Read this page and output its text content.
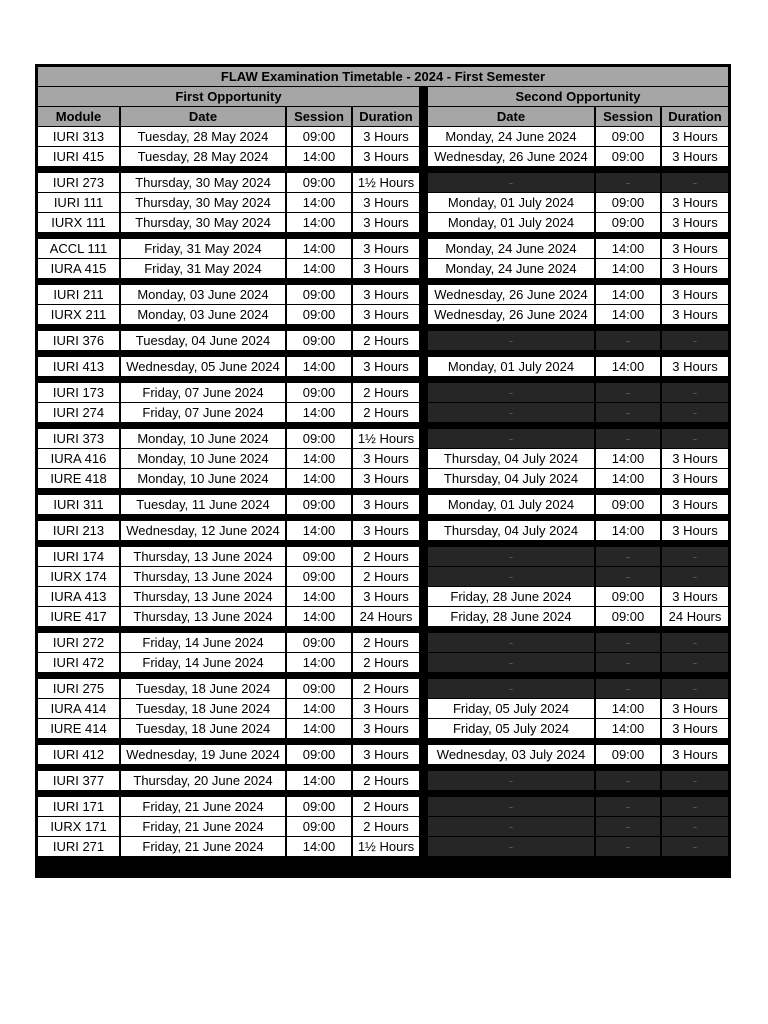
FLAW Examination Timetable - 2024 - First Semester
First Opportunity	Second Opportunity
Module	Date	Session	Duration	Date	Session	Duration
IURI 313	Tuesday, 28 May 2024	09:00	3 Hours	Monday, 24 June 2024	09:00	3 Hours
IURI 415	Tuesday, 28 May 2024	14:00	3 Hours	Wednesday, 26 June 2024	09:00	3 Hours
IURI 273	Thursday, 30 May 2024	09:00	1½ Hours	-	-	-
IURI 111	Thursday, 30 May 2024	14:00	3 Hours	Monday, 01 July 2024	09:00	3 Hours
IURX 111	Thursday, 30 May 2024	14:00	3 Hours	Monday, 01 July 2024	09:00	3 Hours
ACCL 111	Friday, 31 May 2024	14:00	3 Hours	Monday, 24 June 2024	14:00	3 Hours
IURA 415	Friday, 31 May 2024	14:00	3 Hours	Monday, 24 June 2024	14:00	3 Hours
IURI 211	Monday, 03 June 2024	09:00	3 Hours	Wednesday, 26 June 2024	14:00	3 Hours
IURX 211	Monday, 03 June 2024	09:00	3 Hours	Wednesday, 26 June 2024	14:00	3 Hours
IURI 376	Tuesday, 04 June 2024	09:00	2 Hours	-	-	-
IURI 413	Wednesday, 05 June 2024	14:00	3 Hours	Monday, 01 July 2024	14:00	3 Hours
IURI 173	Friday, 07 June 2024	09:00	2 Hours	-	-	-
IURI 274	Friday, 07 June 2024	14:00	2 Hours	-	-	-
IURI 373	Monday, 10 June 2024	09:00	1½ Hours	-	-	-
IURA 416	Monday, 10 June 2024	14:00	3 Hours	Thursday, 04 July 2024	14:00	3 Hours
IURE 418	Monday, 10 June 2024	14:00	3 Hours	Thursday, 04 July 2024	14:00	3 Hours
IURI 311	Tuesday, 11 June 2024	09:00	3 Hours	Monday, 01 July 2024	09:00	3 Hours
IURI 213	Wednesday, 12 June 2024	14:00	3 Hours	Thursday, 04 July 2024	14:00	3 Hours
IURI 174	Thursday, 13 June 2024	09:00	2 Hours	-	-	-
IURX 174	Thursday, 13 June 2024	09:00	2 Hours	-	-	-
IURA 413	Thursday, 13 June 2024	14:00	3 Hours	Friday, 28 June 2024	09:00	3 Hours
IURE 417	Thursday, 13 June 2024	14:00	24 Hours	Friday, 28 June 2024	09:00	24 Hours
IURI 272	Friday, 14 June 2024	09:00	2 Hours	-	-	-
IURI 472	Friday, 14 June 2024	14:00	2 Hours	-	-	-
IURI 275	Tuesday, 18 June 2024	09:00	2 Hours	-	-	-
IURA 414	Tuesday, 18 June 2024	14:00	3 Hours	Friday, 05 July 2024	14:00	3 Hours
IURE 414	Tuesday, 18 June 2024	14:00	3 Hours	Friday, 05 July 2024	14:00	3 Hours
IURI 412	Wednesday, 19 June 2024	09:00	3 Hours	Wednesday, 03 July 2024	09:00	3 Hours
IURI 377	Thursday, 20 June 2024	14:00	2 Hours	-	-	-
IURI 171	Friday, 21 June 2024	09:00	2 Hours	-	-	-
IURX 171	Friday, 21 June 2024	09:00	2 Hours	-	-	-
IURI 271	Friday, 21 June 2024	14:00	1½ Hours	-	-	-
